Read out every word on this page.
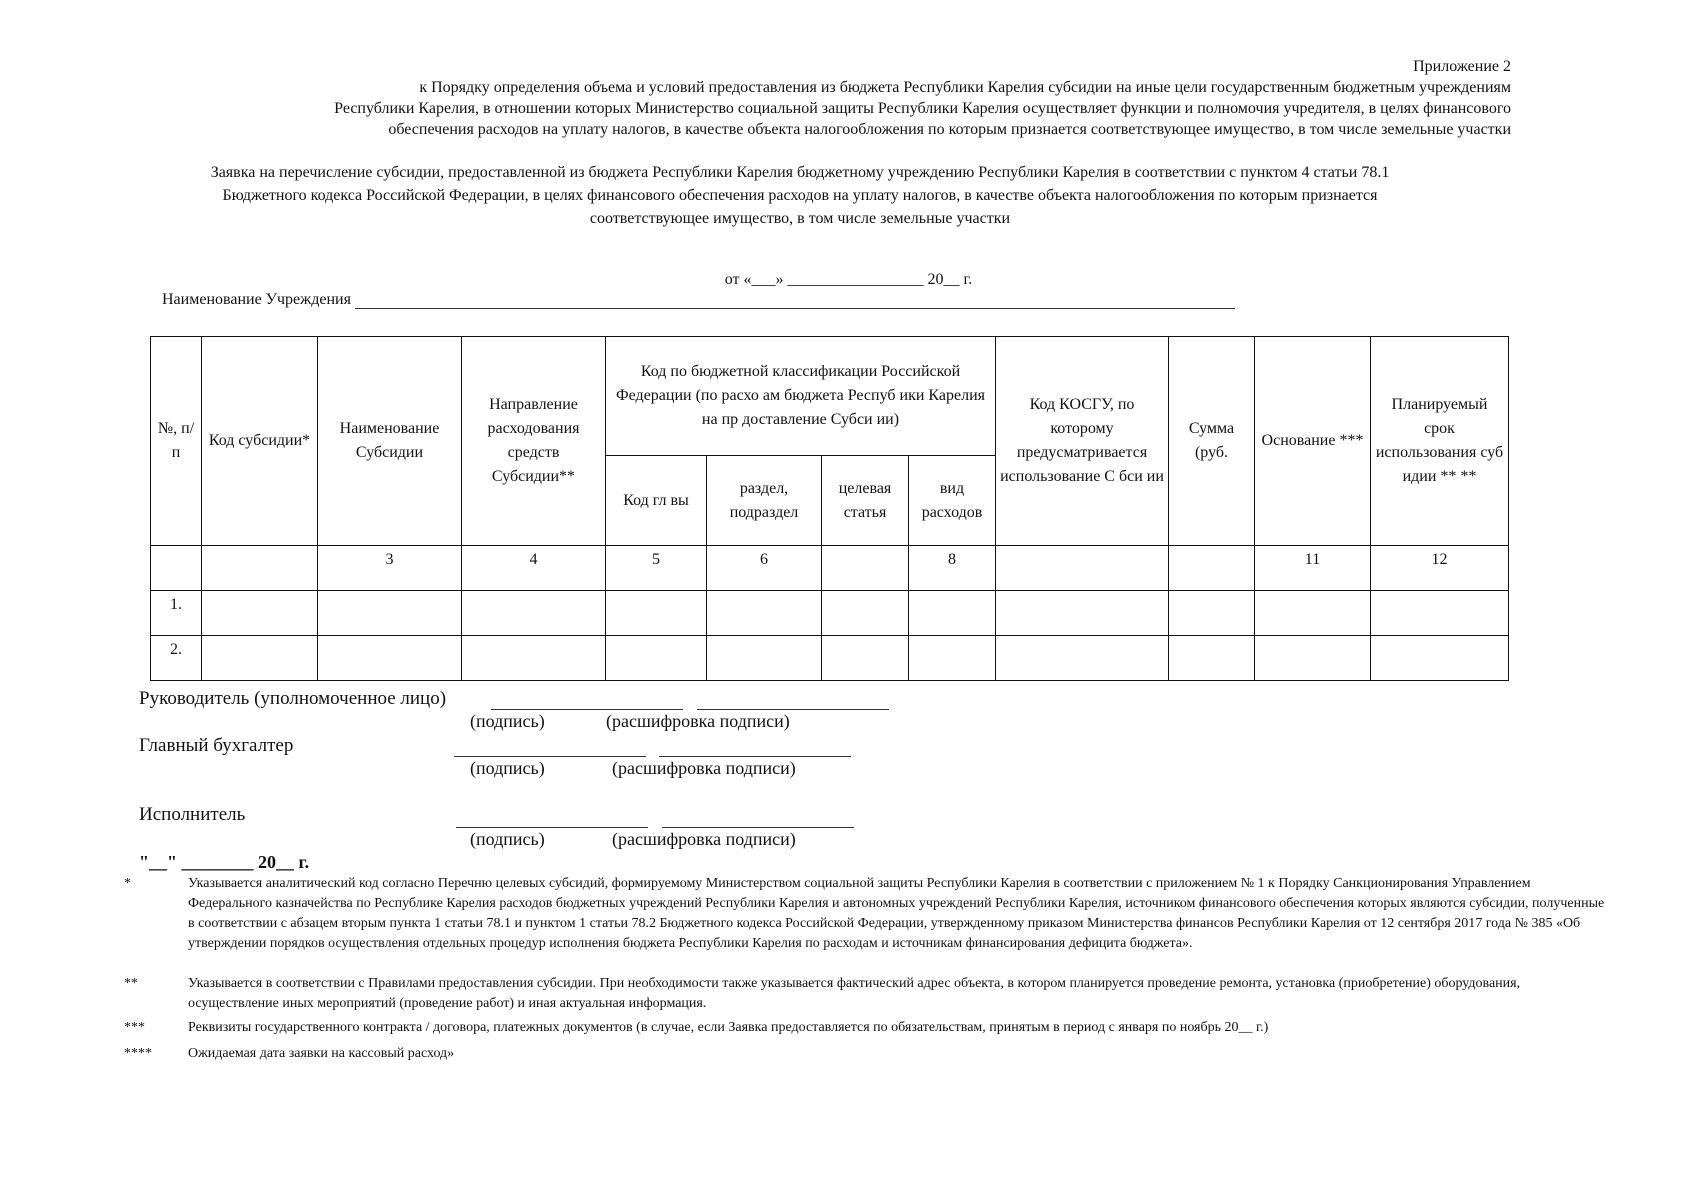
Приложение 2
к Порядку определения объема и условий предоставления из бюджета Республики Карелия субсидии на иные цели государственным бюджетным учреждениям
Республики Карелия, в отношении которых Министерство социальной защиты Республики Карелия осуществляет функции и полномочия учредителя, в целях финансового
обеспечения расходов на уплату налогов, в качестве объекта налогообложения по которым признается соответствующее имущество, в том числе земельные участки
Заявка на перечисление субсидии, предоставленной из бюджета Республики Карелия бюджетному учреждению Республики Карелия в соответствии с пунктом 4 статьи 78.1
Бюджетного кодекса Российской Федерации, в целях финансового обеспечения расходов на уплату налогов, в качестве объекта налогообложения по которым признается
соответствующее имущество, в том числе земельные участки
от «___» _________________ 20__ г.
Наименование Учреждения
№, п/п	Код субсидии*	Наименование Субсидии	Направление расходования средств Субсидии**	Код по бюджетной классификации Российской Федерации (по расхо ам бюджета Респуб ики Карелия на пр доставление Субси ии)				Код КОСГУ, по которому предусматривается использование С бси ии	Сумма (руб.	Основание ***	Планируемый срок использования суб идии ** **
				Код гл вы	раздел, подраздел	целевая статья	вид расходов				
		3	4	5	6		8			11	12
1.											
2.											
Руководитель (уполномоченное лицо)
(подпись)	(расшифровка подписи)
Главный бухгалтер
(подпись)	(расшифровка подписи)
Исполнитель
(подпись)	(расшифровка подписи)
"__" ________ 20__ г.
*	Указывается аналитический код согласно Перечню целевых субсидий, формируемому Министерством социальной защиты Республики Карелия в соответствии с приложением № 1 к Порядку Санкционирования Управлением Федерального казначейства по Республике Карелия расходов бюджетных учреждений Республики Карелия и автономных учреждений Республики Карелия, источником финансового обеспечения которых являются субсидии, полученные в соответствии с абзацем вторым пункта 1 статьи 78.1 и пунктом 1 статьи 78.2 Бюджетного кодекса Российской Федерации, утвержденному приказом Министерства финансов Республики Карелия от 12 сентября 2017 года № 385 «Об утверждении порядков осуществления отдельных процедур исполнения бюджета Республики Карелия по расходам и источникам финансирования дефицита бюджета».
**	Указывается в соответствии с Правилами предоставления субсидии. При необходимости также указывается фактический адрес объекта, в котором планируется проведение ремонта, установка (приобретение) оборудования, осуществление иных мероприятий (проведение работ) и иная актуальная информация.
***	Реквизиты государственного контракта / договора, платежных документов (в случае, если Заявка предоставляется по обязательствам, принятым в период с января по ноябрь 20__ г.)
****	Ожидаемая дата заявки на кассовый расход»
